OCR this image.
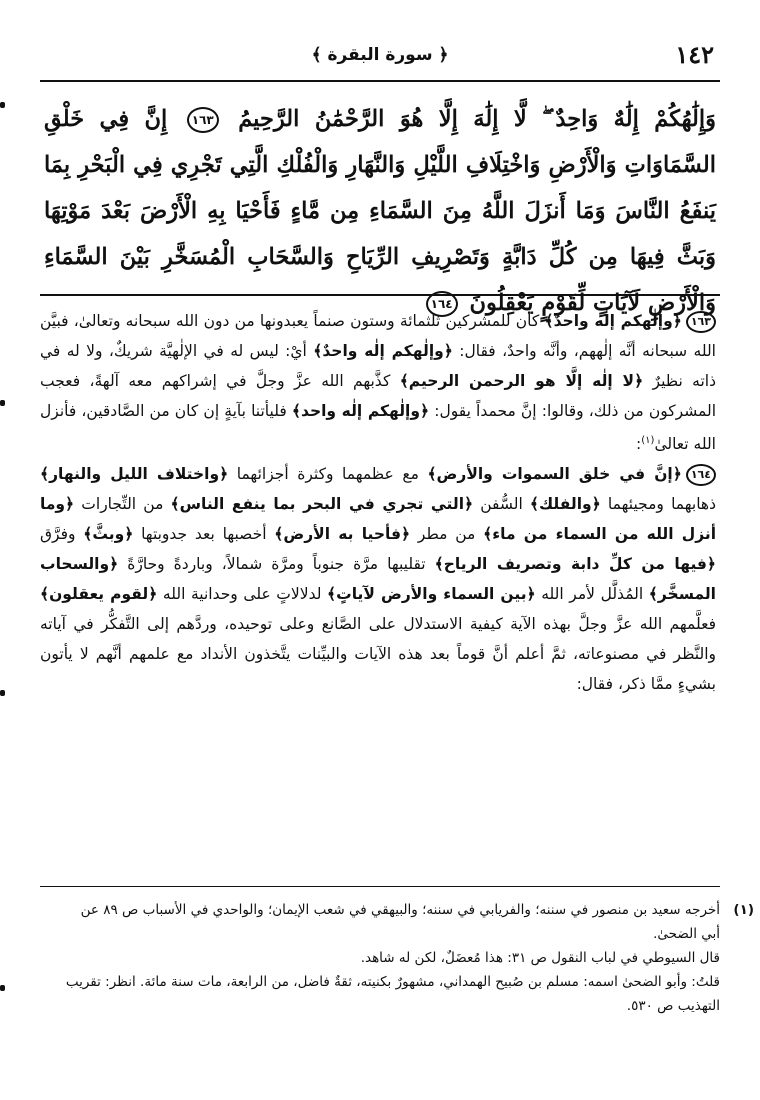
١٤٢
﴿ سورة البقرة ﴾
وَإِلَٰهُكُمْ إِلَٰهٌ وَاحِدٌ ۖ لَّا إِلَٰهَ إِلَّا هُوَ الرَّحْمَٰنُ الرَّحِيمُ ١٦٣ إِنَّ فِي خَلْقِ السَّمَاوَاتِ وَالْأَرْضِ وَاخْتِلَافِ اللَّيْلِ وَالنَّهَارِ وَالْفُلْكِ الَّتِي تَجْرِي فِي الْبَحْرِ بِمَا يَنفَعُ النَّاسَ وَمَا أَنزَلَ اللَّهُ مِنَ السَّمَاءِ مِن مَّاءٍ فَأَحْيَا بِهِ الْأَرْضَ بَعْدَ مَوْتِهَا وَبَثَّ فِيهَا مِن كُلِّ دَابَّةٍ وَتَصْرِيفِ الرِّيَاحِ وَالسَّحَابِ الْمُسَخَّرِ بَيْنَ السَّمَاءِ وَالْأَرْضِ لَآيَاتٍ لِّقَوْمٍ يَعْقِلُونَ ١٦٤

١٦٣﴿وإلٰهكم إلٰه واحدٌ﴾ كان للمشركين ثلثمائة وستون صنماً يعبدونها من دون الله سبحانه وتعالىٰ، فبيَّن الله سبحانه أنَّه إلٰههم، وأنَّه واحدٌ، فقال: ﴿وإلٰهكم إلٰه واحدٌ﴾ أيْ: ليس له في الإلٰهيَّة شريكٌ، ولا له في ذاته نظيرٌ ﴿لا إلٰه إلَّا هو الرحمن الرحيم﴾ كذَّبهم الله عزَّ وجلَّ في إشراكهم معه آلهةً، فعجب المشركون من ذلك، وقالوا: إنَّ محمداً يقول: ﴿وإلٰهكم إلٰه واحد﴾ فليأتنا بآيةٍ إن كان من الصَّادقين، فأنزل الله تعالىٰ$^{(١)}$:

١٦٤﴿إنَّ في خلق السموات والأرض﴾ مع عظمهما وكثرة أجزائهما ﴿واختلاف الليل والنهار﴾ ذهابهما ومجيئهما ﴿والفلك﴾ السُّفن ﴿التي تجري في البحر بما ينفع الناس﴾ من التِّجارات ﴿وما أنزل الله من السماء من ماء﴾ من مطر ﴿فأحيا به الأرض﴾ أخصبها بعد جدوبتها ﴿وبثَّ﴾ وفرَّق ﴿فيها من كلِّ دابة وتصريف الرياح﴾ تقليبها مرَّة جنوباً ومرَّة شمالاً، وباردةً وحارَّةً ﴿والسحاب المسخَّر﴾ المُذلَّل لأمر الله ﴿بين السماء والأرض لآياتٍ﴾ لدلالاتٍ على وحدانية الله ﴿لقوم يعقلون﴾ فعلَّمهم الله عزَّ وجلَّ بهذه الآية كيفية الاستدلال على الصَّانع وعلى توحيده، وردَّهم إلى التَّفكُّر في آياته والنَّظر في مصنوعاته، ثمَّ أعلم أنَّ قوماً بعد هذه الآيات والبيِّنات يتَّخذون الأنداد مع علمهم أنَّهم لا يأتون بشيءٍ ممَّا ذكر، فقال:

(١)

أخرجه سعيد بن منصور في سننه؛ والفريابي في سننه؛ والبيهقي في شعب الإيمان؛ والواحدي في الأسباب ص ٨٩ عن أبي الضحىٰ.

قال السيوطي في لباب النقول ص ٣١: هذا مُعضَلٌ، لكن له شاهد.

قلتُ: وأبو الضحىٰ اسمه: مسلم بن صُبيح الهمداني، مشهورٌ بكنيته، ثقةٌ فاضل، من الرابعة، مات سنة مائة. انظر: تقريب التهذيب ص ٥٣٠.
